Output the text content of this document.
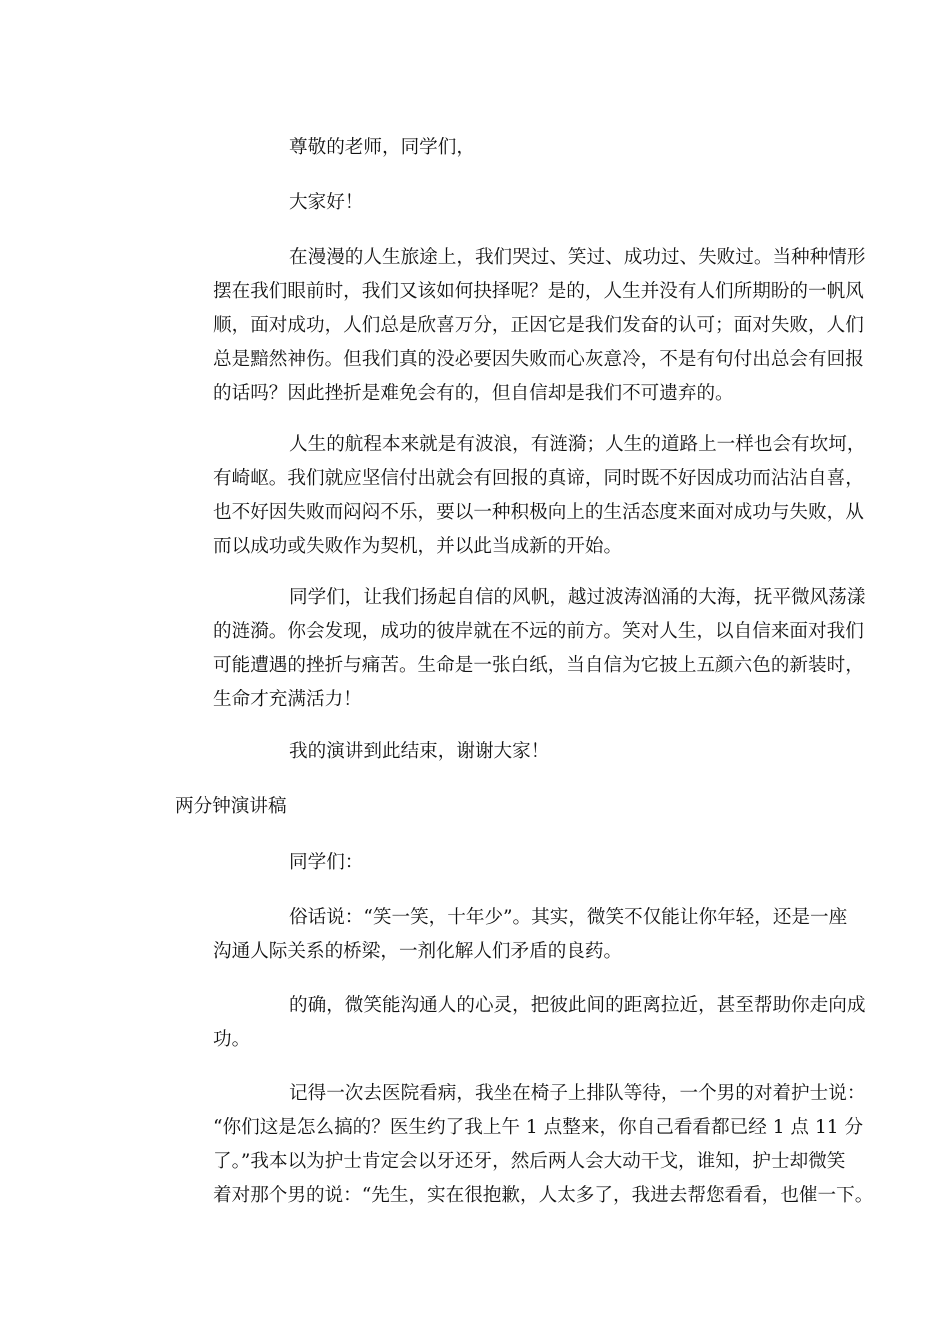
尊敬的老师，同学们，
大家好！
在漫漫的人生旅途上，我们哭过、笑过、成功过、失败过。当种种情形
摆在我们眼前时，我们又该如何抉择呢？是的，人生并没有人们所期盼的一帆风
顺，面对成功，人们总是欣喜万分，正因它是我们发奋的认可；面对失败，人们
总是黯然神伤。但我们真的没必要因失败而心灰意冷，不是有句付出总会有回报
的话吗？因此挫折是难免会有的，但自信却是我们不可遗弃的。
人生的航程本来就是有波浪，有涟漪；人生的道路上一样也会有坎坷，
有崎岖。我们就应坚信付出就会有回报的真谛，同时既不好因成功而沾沾自喜，
也不好因失败而闷闷不乐，要以一种积极向上的生活态度来面对成功与失败，从
而以成功或失败作为契机，并以此当成新的开始。
同学们，让我们扬起自信的风帆，越过波涛汹涌的大海，抚平微风荡漾
的涟漪。你会发现，成功的彼岸就在不远的前方。笑对人生，以自信来面对我们
可能遭遇的挫折与痛苦。生命是一张白纸，当自信为它披上五颜六色的新装时，
生命才充满活力！
我的演讲到此结束，谢谢大家！
两分钟演讲稿
同学们：
俗话说：“笑一笑，十年少”。其实，微笑不仅能让你年轻，还是一座
沟通人际关系的桥梁，一剂化解人们矛盾的良药。
的确，微笑能沟通人的心灵，把彼此间的距离拉近，甚至帮助你走向成
功。
记得一次去医院看病，我坐在椅子上排队等待，一个男的对着护士说：
“你们这是怎么搞的？医生约了我上午 1 点整来，你自己看看都已经 1 点 11 分
了。”我本以为护士肯定会以牙还牙，然后两人会大动干戈，谁知，护士却微笑
着对那个男的说：“先生，实在很抱歉，人太多了，我进去帮您看看，也催一下。
